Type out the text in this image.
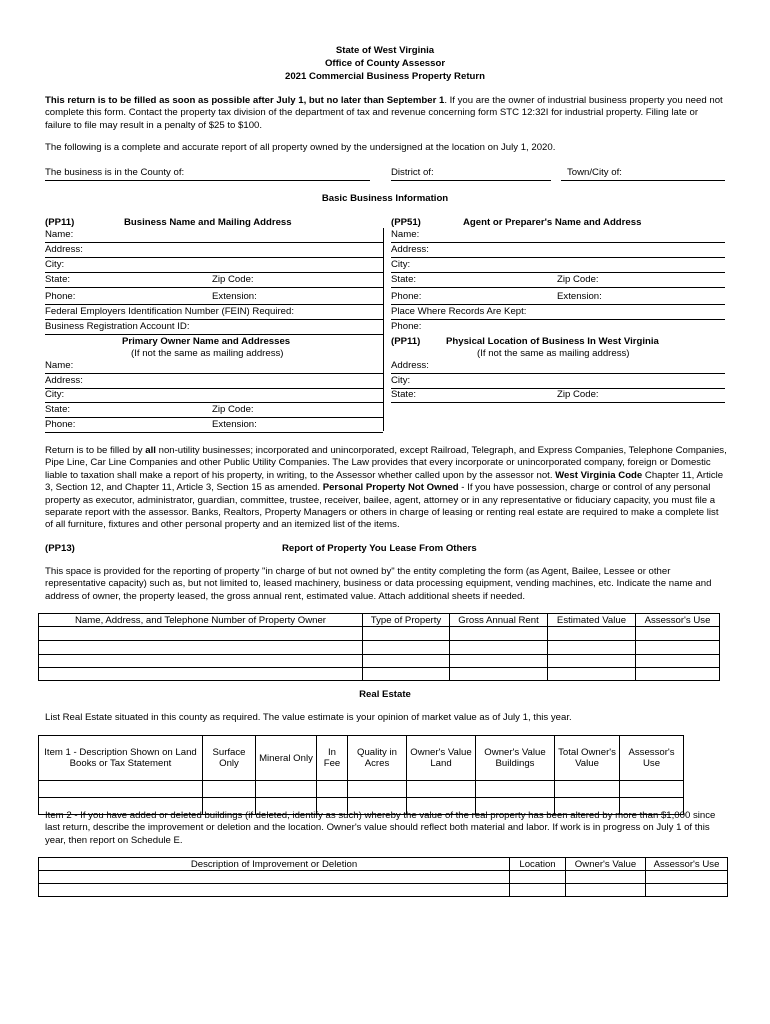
State of West Virginia
Office of County Assessor
2021 Commercial Business Property Return
This return is to be filled as soon as possible after July 1, but no later than September 1. If you are the owner of industrial business property you need not complete this form. Contact the property tax division of the department of tax and revenue concerning form STC 12:32I for industrial property. Filing late or failure to file may result in a penalty of $25 to $100.
The following is a complete and accurate report of all property owned by the undersigned at the location on July 1, 2020.
The business is in the County of:	District of:	Town/City of:
Basic Business Information
(PP11)	Business Name and Mailing Address
Name:
Address:
City:
State:	Zip Code:
Phone:	Extension:
Federal Employers Identification Number (FEIN) Required:
Business Registration Account ID:
Primary Owner Name and Addresses
(If not the same as mailing address)
Name:
Address:
City:
State:	Zip Code:
Phone:	Extension:
(PP51)	Agent or Preparer's Name and Address
Name:
Address:
City:
State:	Zip Code:
Phone:	Extension:
Place Where Records Are Kept:
Phone:
(PP11)	Physical Location of Business In West Virginia
(If not the same as mailing address)
Address:
City:
State:	Zip Code:
Return is to be filled by all non-utility businesses; incorporated and unincorporated, except Railroad, Telegraph, and Express Companies, Telephone Companies, Pipe Line, Car Line Companies and other Public Utility Companies. The Law provides that every incorporate or unincorporated company, foreign or Domestic liable to taxation shall make a report of his property, in writing, to the Assessor whether called upon by the assessor not. West Virginia Code Chapter 11, Article 3, Section 12, and Chapter 11, Article 3, Section 15 as amended. Personal Property Not Owned - If you have possession, charge or control of any personal property as executor, administrator, guardian, committee, trustee, receiver, bailee, agent, attorney or in any representative or fiduciary capacity, you must file a separate report with the assessor. Banks, Realtors, Property Managers or others in charge of leasing or renting real estate are required to make a complete list of all furniture, fixtures and other personal property and an itemized list of the items.
(PP13)	Report of Property You Lease From Others
This space is provided for the reporting of property "in charge of but not owned by" the entity completing the form (as Agent, Bailee, Lessee or other representative capacity) such as, but not limited to, leased machinery, business or data processing equipment, vending machines, etc. Indicate the name and address of owner, the property leased, the gross annual rent, estimated value. Attach additional sheets if needed.
Name, Address, and Telephone Number of Property Owner	Type of Property	Gross Annual Rent	Estimated Value	Assessor's Use

Real Estate
List Real Estate situated in this county as required. The value estimate is your opinion of market value as of July 1, this year.
Item 1 - Description Shown on Land Books or Tax Statement	Surface Only	Mineral Only	In Fee	Quality in Acres	Owner's Value Land	Owner's Value Buildings	Total Owner's Value	Assessor's Use

Item 2 - If you have added or deleted buildings (if deleted, identify as such) whereby the value of the real property has been altered by more than $1,000 since last return, describe the improvement or deletion and the location. Owner's value should reflect both material and labor. If work is in progress on July 1 of this year, then report on Schedule E.
Description of Improvement or Deletion	Location	Owner's Value	Assessor's Use
